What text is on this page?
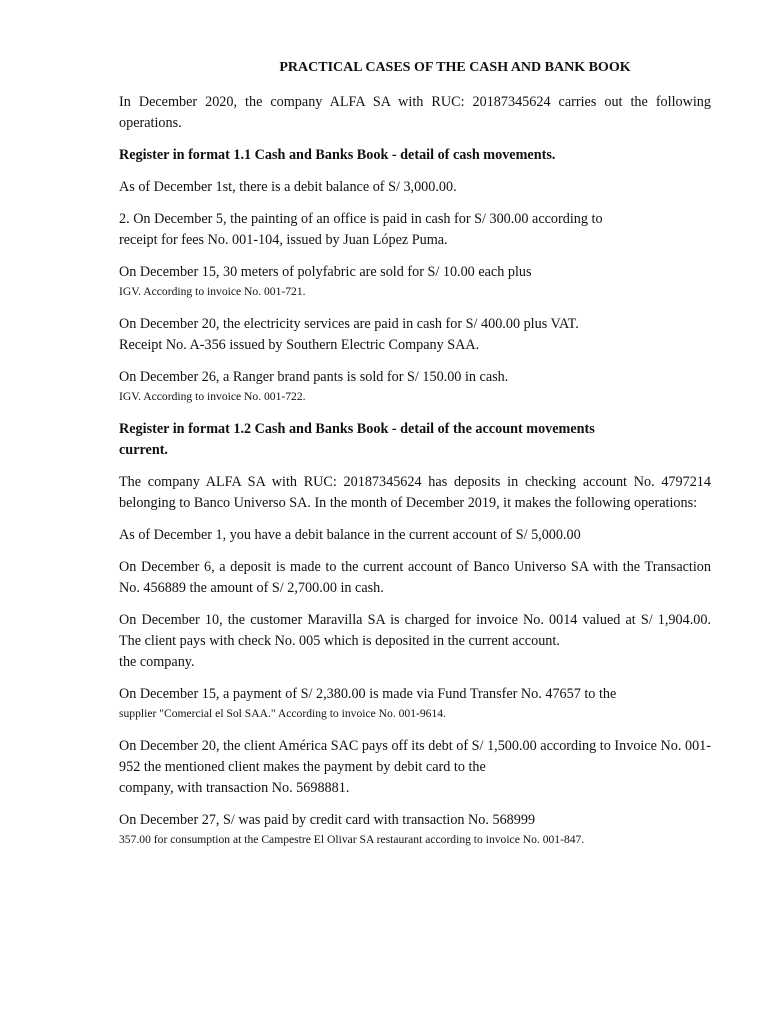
PRACTICAL CASES OF THE CASH AND BANK BOOK

In December 2020, the company ALFA SA with RUC: 20187345624 carries out the following operations.

Register in format 1.1 Cash and Banks Book - detail of cash movements.

As of December 1st, there is a debit balance of S/ 3,000.00.

2. On December 5, the painting of an office is paid in cash for S/ 300.00 according to
receipt for fees No. 001-104, issued by Juan López Puma.

On December 15, 30 meters of polyfabric are sold for S/ 10.00 each plus

IGV. According to invoice No. 001-721.

On December 20, the electricity services are paid in cash for S/ 400.00 plus VAT.
Receipt No. A-356 issued by Southern Electric Company SAA.

On December 26, a Ranger brand pants is sold for S/ 150.00 in cash.

IGV. According to invoice No. 001-722.

Register in format 1.2 Cash and Banks Book - detail of the account movements
current.

The company ALFA SA with RUC: 20187345624 has deposits in checking account No. 4797214 belonging to Banco Universo SA. In the month of December 2019, it makes the following operations:

As of December 1, you have a debit balance in the current account of S/ 5,000.00

On December 6, a deposit is made to the current account of Banco Universo SA with the Transaction No. 456889 the amount of S/ 2,700.00 in cash.

On December 10, the customer Maravilla SA is charged for invoice No. 0014 valued at S/ 1,904.00. The client pays with check No. 005 which is deposited in the current account.
the company.

On December 15, a payment of S/ 2,380.00 is made via Fund Transfer No. 47657 to the

supplier "Comercial el Sol SAA." According to invoice No. 001-9614.

On December 20, the client América SAC pays off its debt of S/ 1,500.00 according to Invoice No. 001-952 the mentioned client makes the payment by debit card to the
company, with transaction No. 5698881.

On December 27, S/ was paid by credit card with transaction No. 568999

357.00 for consumption at the Campestre El Olivar SA restaurant according to invoice No. 001-847.
